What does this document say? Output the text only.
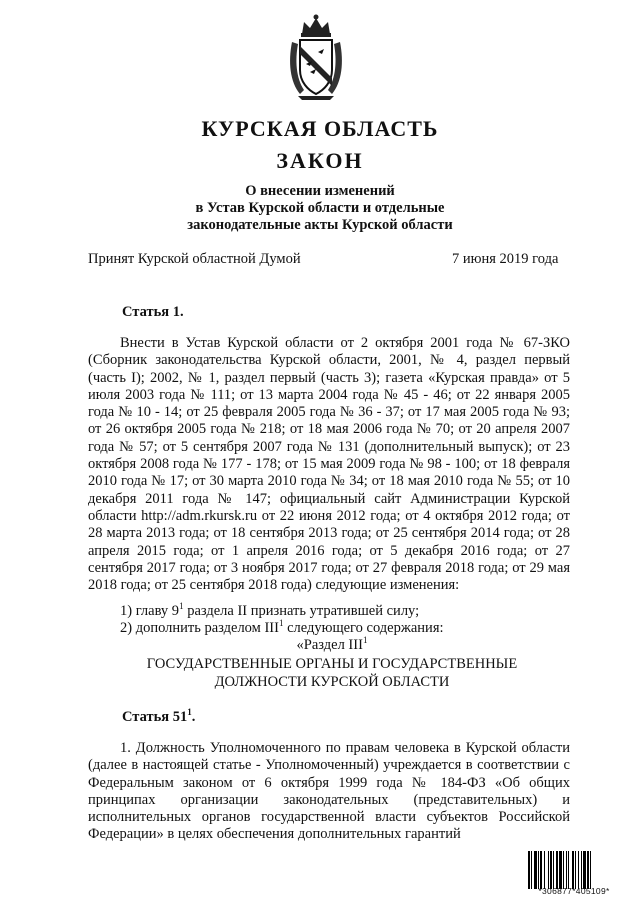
КУРСКАЯ ОБЛАСТЬ
ЗАКОН
О внесении изменений
в Устав Курской области и отдельные
законодательные акты Курской области
Принят Курской областной Думой	7 июня 2019 года
Статья 1.
Внести в Устав Курской области от 2 октября 2001 года № 67-ЗКО (Сборник законодательства Курской области, 2001, № 4, раздел первый (часть I); 2002, № 1, раздел первый (часть 3); газета «Курская правда» от 5 июля 2003 года № 111; от 13 марта 2004 года № 45 - 46; от 22 января 2005 года № 10 - 14; от 25 февраля 2005 года № 36 - 37; от 17 мая 2005 года № 93; от 26 октября 2005 года № 218; от 18 мая 2006 года № 70; от 20 апреля 2007 года № 57; от 5 сентября 2007 года № 131 (дополнительный выпуск); от 23 октября 2008 года № 177 - 178; от 15 мая 2009 года № 98 - 100; от 18 февраля 2010 года № 17; от 30 марта 2010 года № 34; от 18 мая 2010 года № 55; от 10 декабря 2011 года № 147; официальный сайт Администрации Курской области http://adm.rkursk.ru от 22 июня 2012 года; от 4 октября 2012 года; от 28 марта 2013 года; от 18 сентября 2013 года; от 25 сентября 2014 года; от 28 апреля 2015 года; от 1 апреля 2016 года; от 5 декабря 2016 года; от 27 сентября 2017 года; от 3 ноября 2017 года; от 27 февраля 2018 года; от 29 мая 2018 года; от 25 сентября 2018 года) следующие изменения:
1) главу $9^1$ раздела II признать утратившей силу;
2) дополнить разделом III$^1$ следующего содержания:
«Раздел III$^1$
ГОСУДАРСТВЕННЫЕ ОРГАНЫ И ГОСУДАРСТВЕННЫЕ
ДОЛЖНОСТИ КУРСКОЙ ОБЛАСТИ
Статья $51^1$.
1. Должность Уполномоченного по правам человека в Курской области (далее в настоящей статье - Уполномоченный) учреждается в соответствии с Федеральным законом от 6 октября 1999 года № 184-ФЗ «Об общих принципах организации законодательных (представительных) и исполнительных органов государственной власти субъектов Российской Федерации» в целях обеспечения дополнительных гарантий
*306877*405109*
